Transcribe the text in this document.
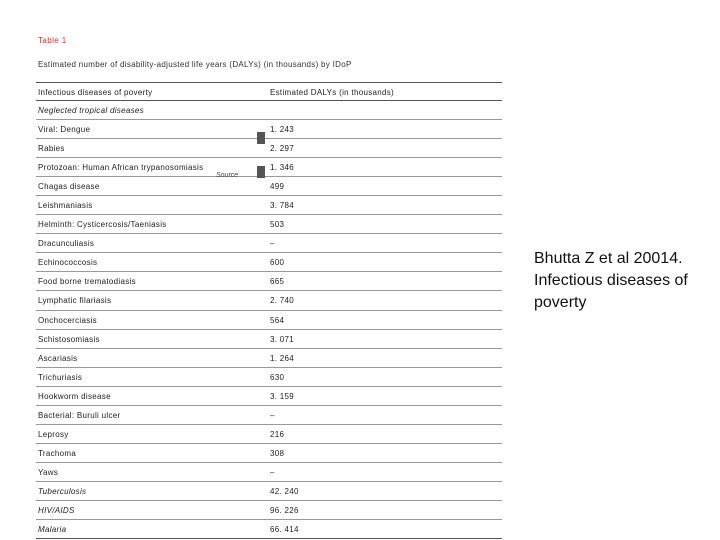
Table 1
Estimated number of disability-adjusted life years (DALYs) (in thousands) by IDoP
Infectious diseases of poverty	Estimated DALYs (in thousands)
Neglected tropical diseases
Viral: Dengue	1. 243
Rabies	2. 297
Protozoan: Human African trypanosomiasis	1. 346
Chagas disease	499
Leishmaniasis	3. 784
Helminth: Cysticercosis/Taeniasis	503
Dracunculiasis	–
Echinococcosis	600
Food borne trematodiasis	665
Lymphatic filariasis	2. 740
Onchocerciasis	564
Schistosomiasis	3. 071
Ascariasis	1. 264
Trichuriasis	630
Hookworm disease	3. 159
Bacterial: Buruli ulcer	–
Leprosy	216
Trachoma	308
Yaws	–
Tuberculosis	42. 240
HIV/AIDS	96. 226
Malaria	66. 414
Source
Bhutta Z et al 20014. Infectious diseases of poverty
